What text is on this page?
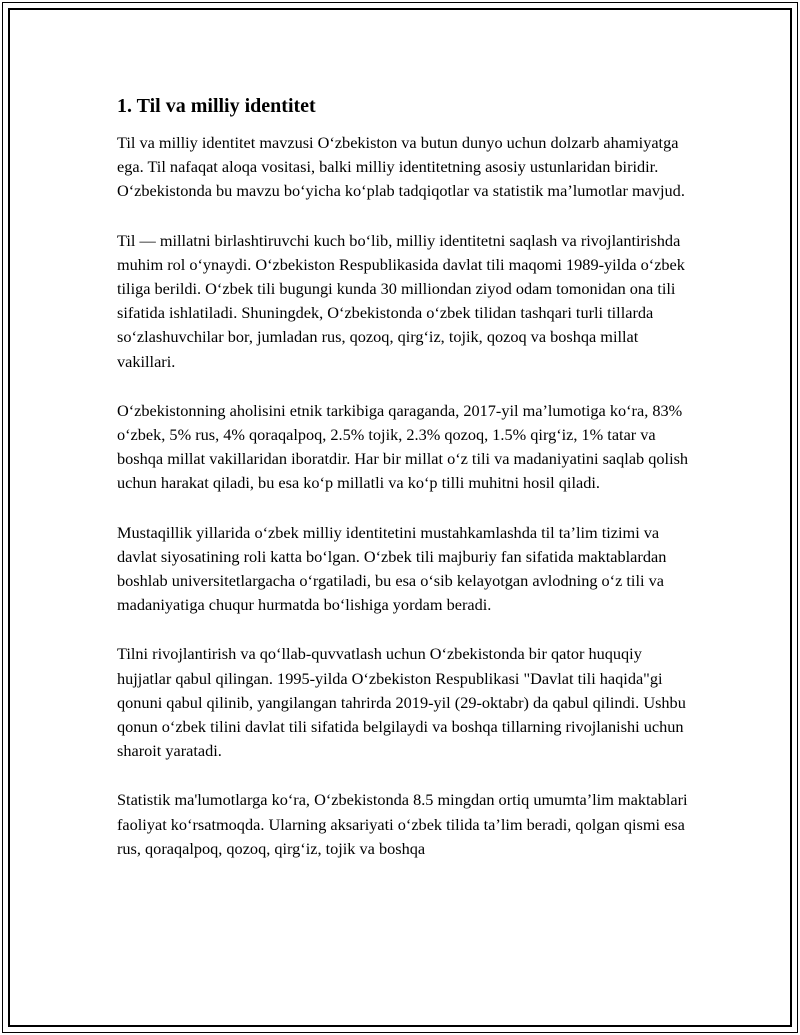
1. Til va milliy identitet

Til va milliy identitet mavzusi O‘zbekiston va butun dunyo uchun dolzarb ahamiyatga ega. Til nafaqat aloqa vositasi, balki milliy identitetning asosiy ustunlaridan biridir. O‘zbekistonda bu mavzu bo‘yicha ko‘plab tadqiqotlar va statistik ma’lumotlar mavjud.

Til — millatni birlashtiruvchi kuch bo‘lib, milliy identitetni saqlash va rivojlantirishda muhim rol o‘ynaydi. O‘zbekiston Respublikasida davlat tili maqomi 1989-yilda o‘zbek tiliga berildi. O‘zbek tili bugungi kunda 30 milliondan ziyod odam tomonidan ona tili sifatida ishlatiladi. Shuningdek, O‘zbekistonda o‘zbek tilidan tashqari turli tillarda so‘zlashuvchilar bor, jumladan rus, qozoq, qirg‘iz, tojik, qozoq va boshqa millat vakillari.

O‘zbekistonning aholisini etnik tarkibiga qaraganda, 2017-yil ma’lumotiga ko‘ra, 83% o‘zbek, 5% rus, 4% qoraqalpoq, 2.5% tojik, 2.3% qozoq, 1.5% qirg‘iz, 1% tatar va boshqa millat vakillaridan iboratdir. Har bir millat o‘z tili va madaniyatini saqlab qolish uchun harakat qiladi, bu esa ko‘p millatli va ko‘p tilli muhitni hosil qiladi.

Mustaqillik yillarida o‘zbek milliy identitetini mustahkamlashda til ta’lim tizimi va davlat siyosatining roli katta bo‘lgan. O‘zbek tili majburiy fan sifatida maktablardan boshlab universitetlargacha o‘rgatiladi, bu esa o‘sib kelayotgan avlodning o‘z tili va madaniyatiga chuqur hurmatda bo‘lishiga yordam beradi.

Tilni rivojlantirish va qo‘llab-quvvatlash uchun O‘zbekistonda bir qator huquqiy hujjatlar qabul qilingan. 1995-yilda O‘zbekiston Respublikasi "Davlat tili haqida"gi qonuni qabul qilinib, yangilangan tahrirda 2019-yil (29-oktabr) da qabul qilindi. Ushbu qonun o‘zbek tilini davlat tili sifatida belgilaydi va boshqa tillarning rivojlanishi uchun sharoit yaratadi.

Statistik ma'lumotlarga ko‘ra, O‘zbekistonda 8.5 mingdan ortiq umumta’lim maktablari faoliyat ko‘rsatmoqda. Ularning aksariyati o‘zbek tilida ta’lim beradi, qolgan qismi esa rus, qoraqalpoq, qozoq, qirg‘iz, tojik va boshqa
